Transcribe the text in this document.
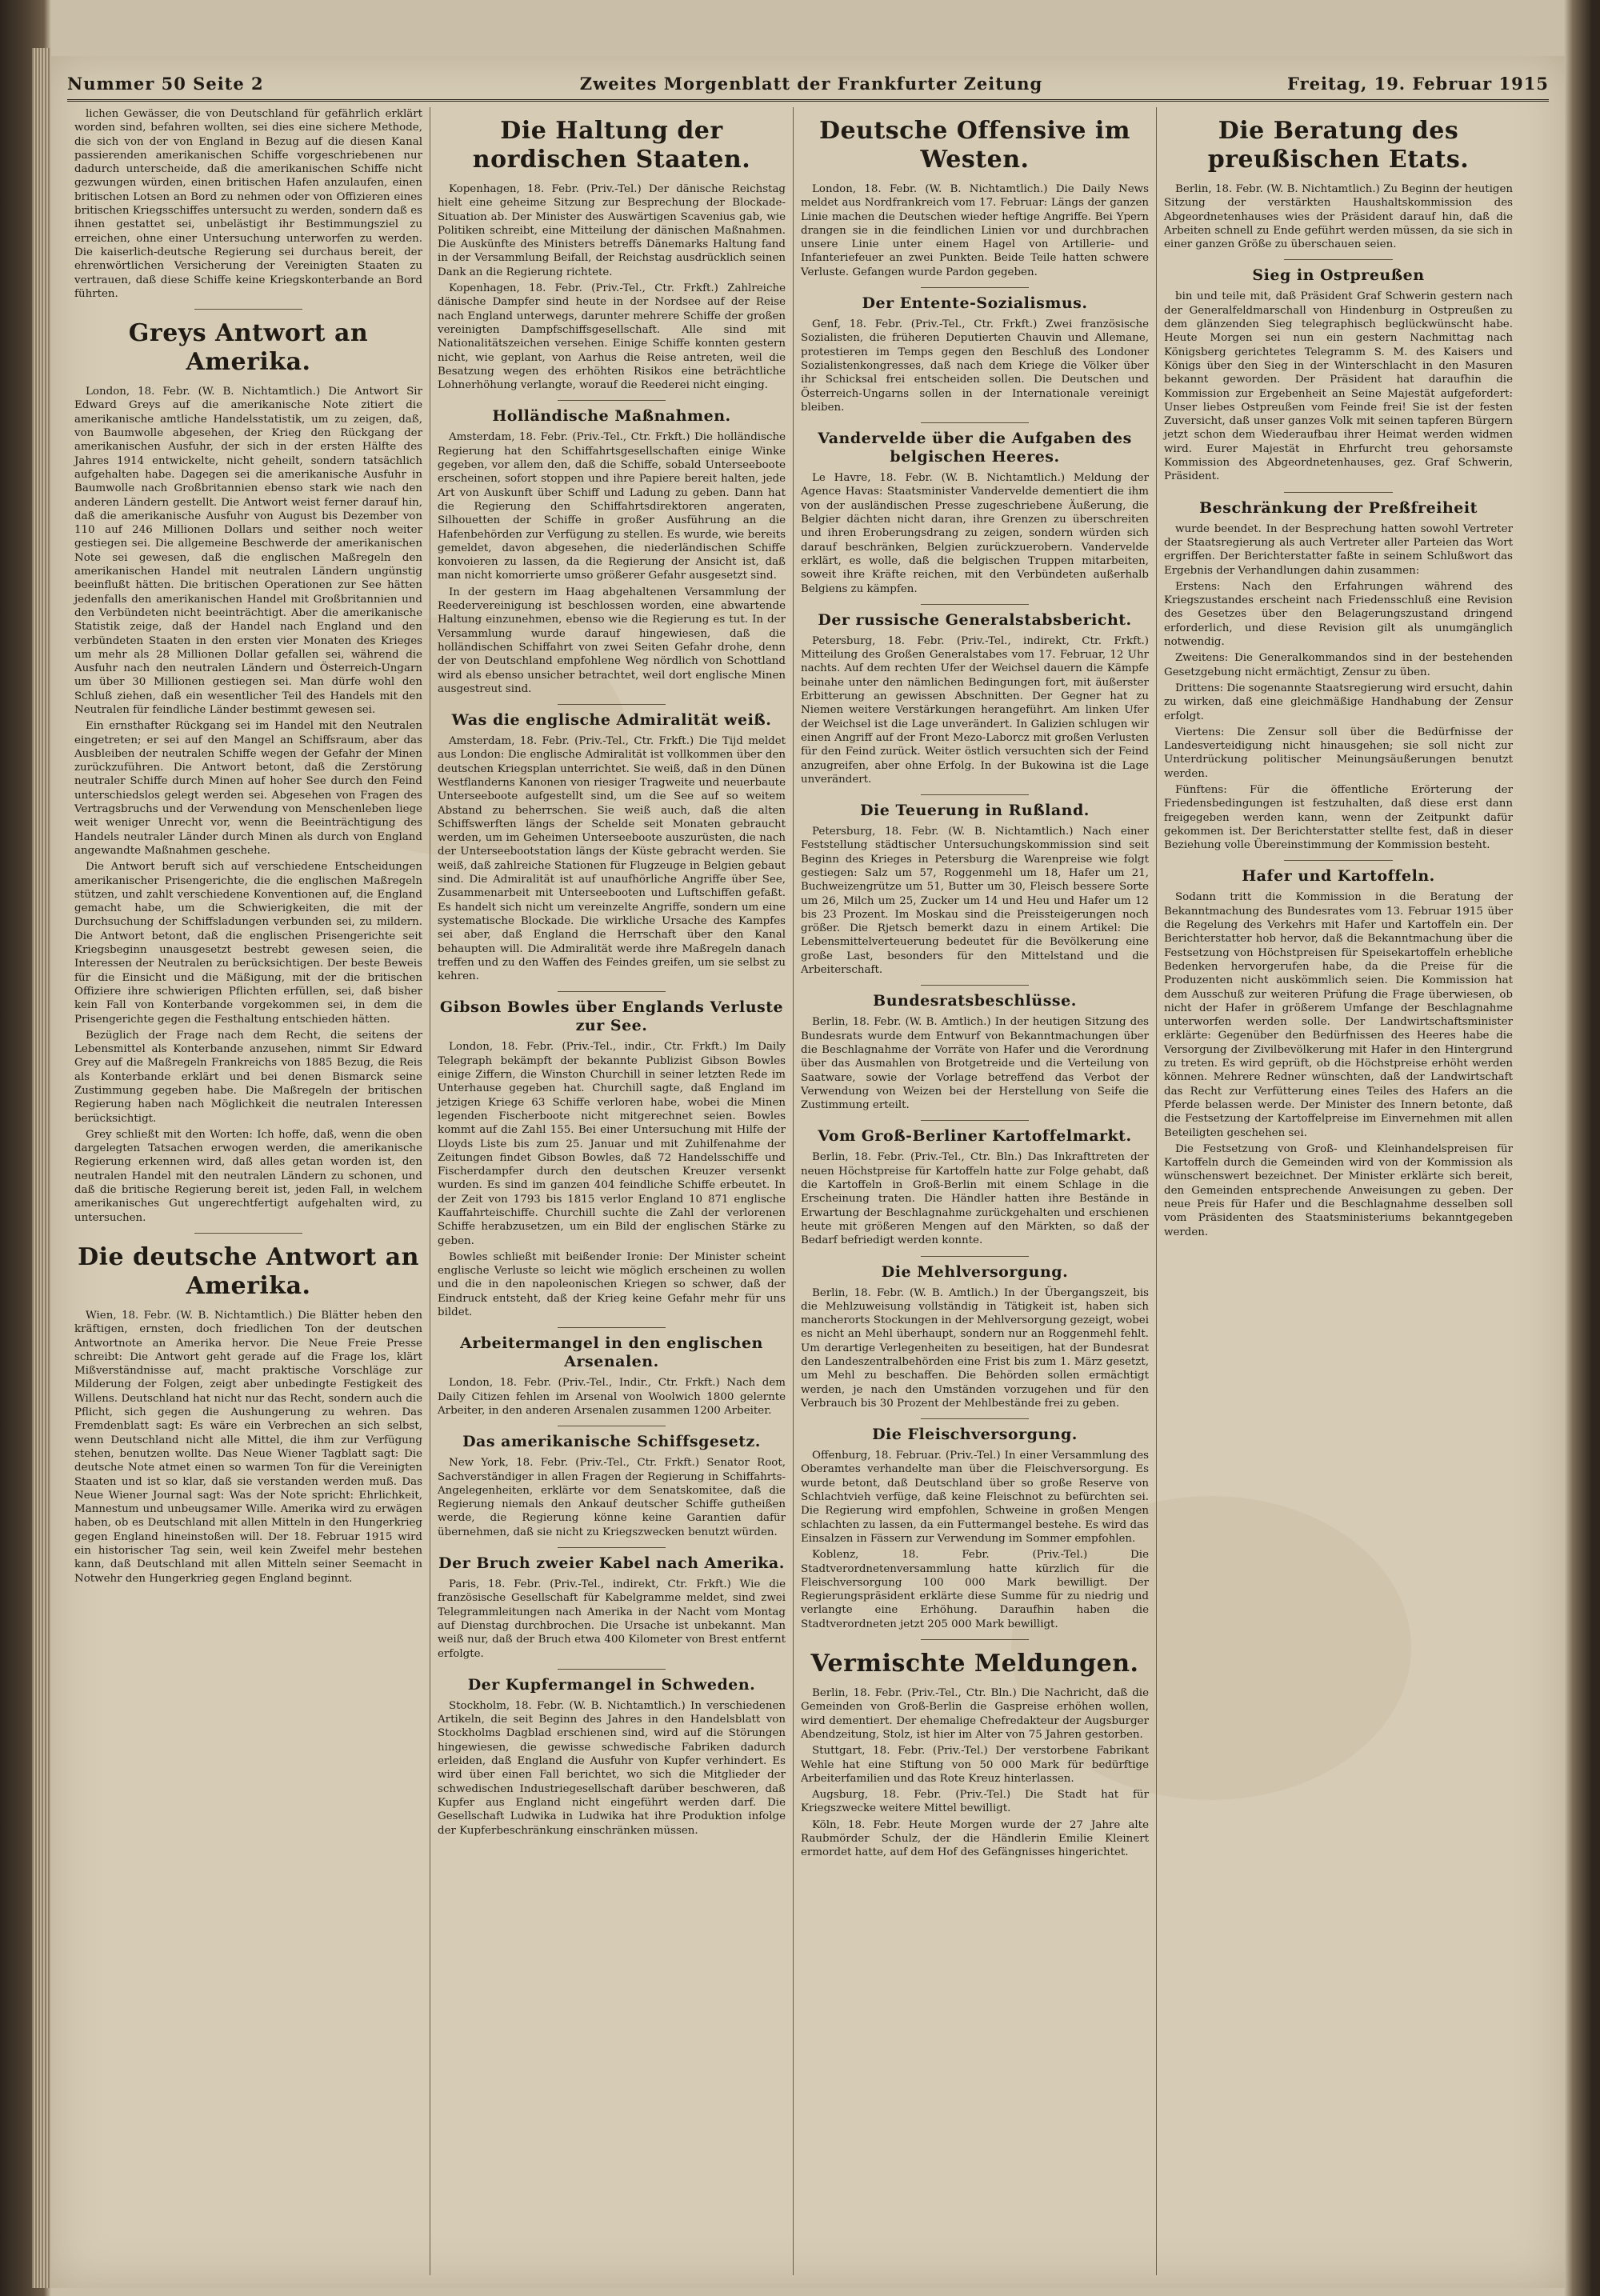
Nummer 50 Seite 2	Zweites Morgenblatt der Frankfurter Zeitung	Freitag, 19. Februar 1915

lichen Gewässer, die von Deutschland für gefährlich erklärt worden sind, befahren wollten, sei dies eine sichere Methode, die sich von der von England in Bezug auf die diesen Kanal passierenden amerikanischen Schiffe vorgeschriebenen nur dadurch unterscheide, daß die amerikanischen Schiffe nicht gezwungen würden, einen britischen Hafen anzulaufen, einen britischen Lotsen an Bord zu nehmen oder von Offizieren eines britischen Kriegsschiffes untersucht zu werden, sondern daß es ihnen gestattet sei, unbelästigt ihr Bestimmungsziel zu erreichen, ohne einer Untersuchung unterworfen zu werden. Die kaiserlich-deutsche Regierung sei durchaus bereit, der ehrenwörtlichen Versicherung der Vereinigten Staaten zu vertrauen, daß diese Schiffe keine Kriegskonterbande an Bord führten.

Greys Antwort an Amerika.

London, 18. Febr. (W. B. Nichtamtlich.) Die Antwort Sir Edward Greys auf die amerikanische Note zitiert die amerikanische amtliche Handelsstatistik, um zu zeigen, daß, von Baumwolle abgesehen, der Krieg den Rückgang der amerikanischen Ausfuhr, der sich in der ersten Hälfte des Jahres 1914 entwickelte, nicht geheilt, sondern tatsächlich aufgehalten habe. Dagegen sei die amerikanische Ausfuhr in Baumwolle nach Großbritannien ebenso stark wie nach den anderen Ländern gestellt. Die Antwort weist ferner darauf hin, daß die amerikanische Ausfuhr von August bis Dezember von 110 auf 246 Millionen Dollars und seither noch weiter gestiegen sei. Die allgemeine Beschwerde der amerikanischen Note sei gewesen, daß die englischen Maßregeln den amerikanischen Handel mit neutralen Ländern ungünstig beeinflußt hätten. Die britischen Operationen zur See hätten jedenfalls den amerikanischen Handel mit Großbritannien und den Verbündeten nicht beeinträchtigt. Aber die amerikanische Statistik zeige, daß der Handel nach England und den verbündeten Staaten in den ersten vier Monaten des Krieges um mehr als 28 Millionen Dollar gefallen sei, während die Ausfuhr nach den neutralen Ländern und Österreich-Ungarn um über 30 Millionen gestiegen sei. Man dürfe wohl den Schluß ziehen, daß ein wesentlicher Teil des Handels mit den Neutralen für feindliche Länder bestimmt gewesen sei.

Ein ernsthafter Rückgang sei im Handel mit den Neutralen eingetreten; er sei auf den Mangel an Schiffsraum, aber das Ausbleiben der neutralen Schiffe wegen der Gefahr der Minen zurückzuführen. Die Antwort betont, daß die Zerstörung neutraler Schiffe durch Minen auf hoher See durch den Feind unterschiedslos gelegt werden sei. Abgesehen von Fragen des Vertragsbruchs und der Verwendung von Menschenleben liege weit weniger Unrecht vor, wenn die Beeinträchtigung des Handels neutraler Länder durch Minen als durch von England angewandte Maßnahmen geschehe.

Die Antwort beruft sich auf verschiedene Entscheidungen amerikanischer Prisengerichte, die die englischen Maßregeln stützen, und zahlt verschiedene Konventionen auf, die England gemacht habe, um die Schwierigkeiten, die mit der Durchsuchung der Schiffsladungen verbunden sei, zu mildern. Die Antwort betont, daß die englischen Prisengerichte seit Kriegsbeginn unausgesetzt bestrebt gewesen seien, die Interessen der Neutralen zu berücksichtigen. Der beste Beweis für die Einsicht und die Mäßigung, mit der die britischen Offiziere ihre schwierigen Pflichten erfüllen, sei, daß bisher kein Fall von Konterbande vorgekommen sei, in dem die Prisengerichte gegen die Festhaltung entschieden hätten.

Bezüglich der Frage nach dem Recht, die seitens der Lebensmittel als Konterbande anzusehen, nimmt Sir Edward Grey auf die Maßregeln Frankreichs von 1885 Bezug, die Reis als Konterbande erklärt und bei denen Bismarck seine Zustimmung gegeben habe. Die Maßregeln der britischen Regierung haben nach Möglichkeit die neutralen Interessen berücksichtigt.

Grey schließt mit den Worten: Ich hoffe, daß, wenn die oben dargelegten Tatsachen erwogen werden, die amerikanische Regierung erkennen wird, daß alles getan worden ist, den neutralen Handel mit den neutralen Ländern zu schonen, und daß die britische Regierung bereit ist, jeden Fall, in welchem amerikanisches Gut ungerechtfertigt aufgehalten wird, zu untersuchen.

Die deutsche Antwort an Amerika.

Wien, 18. Febr. (W. B. Nichtamtlich.) Die Blätter heben den kräftigen, ernsten, doch friedlichen Ton der deutschen Antwortnote an Amerika hervor. Die Neue Freie Presse schreibt: Die Antwort geht gerade auf die Frage los, klärt Mißverständnisse auf, macht praktische Vorschläge zur Milderung der Folgen, zeigt aber unbedingte Festigkeit des Willens. Deutschland hat nicht nur das Recht, sondern auch die Pflicht, sich gegen die Aushungerung zu wehren. Das Fremdenblatt sagt: Es wäre ein Verbrechen an sich selbst, wenn Deutschland nicht alle Mittel, die ihm zur Verfügung stehen, benutzen wollte. Das Neue Wiener Tagblatt sagt: Die deutsche Note atmet einen so warmen Ton für die Vereinigten Staaten und ist so klar, daß sie verstanden werden muß. Das Neue Wiener Journal sagt: Was der Note spricht: Ehrlichkeit, Mannestum und unbeugsamer Wille. Amerika wird zu erwägen haben, ob es Deutschland mit allen Mitteln in den Hungerkrieg gegen England hineinstoßen will. Der 18. Februar 1915 wird ein historischer Tag sein, weil kein Zweifel mehr bestehen kann, daß Deutschland mit allen Mitteln seiner Seemacht in Notwehr den Hungerkrieg gegen England beginnt.

Die Haltung der nordischen Staaten.

Kopenhagen, 18. Febr. (Priv.-Tel.) Der dänische Reichstag hielt eine geheime Sitzung zur Besprechung der Blockade-Situation ab. Der Minister des Auswärtigen Scavenius gab, wie Politiken schreibt, eine Mitteilung der dänischen Maßnahmen. Die Auskünfte des Ministers betreffs Dänemarks Haltung fand in der Versammlung Beifall, der Reichstag ausdrücklich seinen Dank an die Regierung richtete.

Kopenhagen, 18. Febr. (Priv.-Tel., Ctr. Frkft.) Zahlreiche dänische Dampfer sind heute in der Nordsee auf der Reise nach England unterwegs, darunter mehrere Schiffe der großen vereinigten Dampfschiffsgesellschaft. Alle sind mit Nationalitätszeichen versehen. Einige Schiffe konnten gestern nicht, wie geplant, von Aarhus die Reise antreten, weil die Besatzung wegen des erhöhten Risikos eine beträchtliche Lohnerhöhung verlangte, worauf die Reederei nicht einging.

Holländische Maßnahmen.

Amsterdam, 18. Febr. (Priv.-Tel., Ctr. Frkft.) Die holländische Regierung hat den Schiffahrtsgesellschaften einige Winke gegeben, vor allem den, daß die Schiffe, sobald Unterseeboote erscheinen, sofort stoppen und ihre Papiere bereit halten, jede Art von Auskunft über Schiff und Ladung zu geben. Dann hat die Regierung den Schiffahrtsdirektoren angeraten, Silhouetten der Schiffe in großer Ausführung an die Hafenbehörden zur Verfügung zu stellen. Es wurde, wie bereits gemeldet, davon abgesehen, die niederländischen Schiffe konvoieren zu lassen, da die Regierung der Ansicht ist, daß man nicht komorrierte umso größerer Gefahr ausgesetzt sind.

In der gestern im Haag abgehaltenen Versammlung der Reedervereinigung ist beschlossen worden, eine abwartende Haltung einzunehmen, ebenso wie die Regierung es tut. In der Versammlung wurde darauf hingewiesen, daß die holländischen Schiffahrt von zwei Seiten Gefahr drohe, denn der von Deutschland empfohlene Weg nördlich von Schottland wird als ebenso unsicher betrachtet, weil dort englische Minen ausgestreut sind.

Was die englische Admiralität weiß.

Amsterdam, 18. Febr. (Priv.-Tel., Ctr. Frkft.) Die Tijd meldet aus London: Die englische Admiralität ist vollkommen über den deutschen Kriegsplan unterrichtet. Sie weiß, daß in den Dünen Westflanderns Kanonen von riesiger Tragweite und neuerbaute Unterseeboote aufgestellt sind, um die See auf so weitem Abstand zu beherrschen. Sie weiß auch, daß die alten Schiffswerften längs der Schelde seit Monaten gebraucht werden, um im Geheimen Unterseeboote auszurüsten, die nach der Unterseebootstation längs der Küste gebracht werden. Sie weiß, daß zahlreiche Stationen für Flugzeuge in Belgien gebaut sind. Die Admiralität ist auf unaufhörliche Angriffe über See, Zusammenarbeit mit Unterseebooten und Luftschiffen gefaßt. Es handelt sich nicht um vereinzelte Angriffe, sondern um eine systematische Blockade. Die wirkliche Ursache des Kampfes sei aber, daß England die Herrschaft über den Kanal behaupten will. Die Admiralität werde ihre Maßregeln danach treffen und zu den Waffen des Feindes greifen, um sie selbst zu kehren.

Gibson Bowles über Englands Verluste zur See.

London, 18. Febr. (Priv.-Tel., indir., Ctr. Frkft.) Im Daily Telegraph bekämpft der bekannte Publizist Gibson Bowles einige Ziffern, die Winston Churchill in seiner letzten Rede im Unterhause gegeben hat. Churchill sagte, daß England im jetzigen Kriege 63 Schiffe verloren habe, wobei die Minen legenden Fischerboote nicht mitgerechnet seien. Bowles kommt auf die Zahl 155. Bei einer Untersuchung mit Hilfe der Lloyds Liste bis zum 25. Januar und mit Zuhilfenahme der Zeitungen findet Gibson Bowles, daß 72 Handelsschiffe und Fischerdampfer durch den deutschen Kreuzer versenkt wurden. Es sind im ganzen 404 feindliche Schiffe erbeutet. In der Zeit von 1793 bis 1815 verlor England 10 871 englische Kauffahrteischiffe. Churchill suchte die Zahl der verlorenen Schiffe herabzusetzen, um ein Bild der englischen Stärke zu geben.

Bowles schließt mit beißender Ironie: Der Minister scheint englische Verluste so leicht wie möglich erscheinen zu wollen und die in den napoleonischen Kriegen so schwer, daß der Eindruck entsteht, daß der Krieg keine Gefahr mehr für uns bildet.

Arbeitermangel in den englischen Arsenalen.

London, 18. Febr. (Priv.-Tel., Indir., Ctr. Frkft.) Nach dem Daily Citizen fehlen im Arsenal von Woolwich 1800 gelernte Arbeiter, in den anderen Arsenalen zusammen 1200 Arbeiter.

Das amerikanische Schiffsgesetz.

New York, 18. Febr. (Priv.-Tel., Ctr. Frkft.) Senator Root, Sachverständiger in allen Fragen der Regierung in Schiffahrts-Angelegenheiten, erklärte vor dem Senatskomitee, daß die Regierung niemals den Ankauf deutscher Schiffe gutheißen werde, die Regierung könne keine Garantien dafür übernehmen, daß sie nicht zu Kriegszwecken benutzt würden.

Der Bruch zweier Kabel nach Amerika.

Paris, 18. Febr. (Priv.-Tel., indirekt, Ctr. Frkft.) Wie die französische Gesellschaft für Kabelgramme meldet, sind zwei Telegrammleitungen nach Amerika in der Nacht vom Montag auf Dienstag durchbrochen. Die Ursache ist unbekannt. Man weiß nur, daß der Bruch etwa 400 Kilometer von Brest entfernt erfolgte.

Der Kupfermangel in Schweden.

Stockholm, 18. Febr. (W. B. Nichtamtlich.) In verschiedenen Artikeln, die seit Beginn des Jahres in den Handelsblatt von Stockholms Dagblad erschienen sind, wird auf die Störungen hingewiesen, die gewisse schwedische Fabriken dadurch erleiden, daß England die Ausfuhr von Kupfer verhindert. Es wird über einen Fall berichtet, wo sich die Mitglieder der schwedischen Industriegesellschaft darüber beschweren, daß Kupfer aus England nicht eingeführt werden darf. Die Gesellschaft Ludwika in Ludwika hat ihre Produktion infolge der Kupferbeschränkung einschränken müssen.

Deutsche Offensive im Westen.

London, 18. Febr. (W. B. Nichtamtlich.) Die Daily News meldet aus Nordfrankreich vom 17. Februar: Längs der ganzen Linie machen die Deutschen wieder heftige Angriffe. Bei Ypern drangen sie in die feindlichen Linien vor und durchbrachen unsere Linie unter einem Hagel von Artillerie- und Infanteriefeuer an zwei Punkten. Beide Teile hatten schwere Verluste. Gefangen wurde Pardon gegeben.

Der Entente-Sozialismus.

Genf, 18. Febr. (Priv.-Tel., Ctr. Frkft.) Zwei französische Sozialisten, die früheren Deputierten Chauvin und Allemane, protestieren im Temps gegen den Beschluß des Londoner Sozialistenkongresses, daß nach dem Kriege die Völker über ihr Schicksal frei entscheiden sollen. Die Deutschen und Österreich-Ungarns sollen in der Internationale vereinigt bleiben.

Vandervelde über die Aufgaben des belgischen Heeres.

Le Havre, 18. Febr. (W. B. Nichtamtlich.) Meldung der Agence Havas: Staatsminister Vandervelde dementiert die ihm von der ausländischen Presse zugeschriebene Äußerung, die Belgier dächten nicht daran, ihre Grenzen zu überschreiten und ihren Eroberungsdrang zu zeigen, sondern würden sich darauf beschränken, Belgien zurückzuerobern. Vandervelde erklärt, es wolle, daß die belgischen Truppen mitarbeiten, soweit ihre Kräfte reichen, mit den Verbündeten außerhalb Belgiens zu kämpfen.

Der russische Generalstabsbericht.

Petersburg, 18. Febr. (Priv.-Tel., indirekt, Ctr. Frkft.) Mitteilung des Großen Generalstabes vom 17. Februar, 12 Uhr nachts. Auf dem rechten Ufer der Weichsel dauern die Kämpfe beinahe unter den nämlichen Bedingungen fort, mit äußerster Erbitterung an gewissen Abschnitten. Der Gegner hat zu Niemen weitere Verstärkungen herangeführt. Am linken Ufer der Weichsel ist die Lage unverändert. In Galizien schlugen wir einen Angriff auf der Front Mezo-Laborcz mit großen Verlusten für den Feind zurück. Weiter östlich versuchten sich der Feind anzugreifen, aber ohne Erfolg. In der Bukowina ist die Lage unverändert.

Die Teuerung in Rußland.

Petersburg, 18. Febr. (W. B. Nichtamtlich.) Nach einer Feststellung städtischer Untersuchungskommission sind seit Beginn des Krieges in Petersburg die Warenpreise wie folgt gestiegen: Salz um 57, Roggenmehl um 18, Hafer um 21, Buchweizengrütze um 51, Butter um 30, Fleisch bessere Sorte um 26, Milch um 25, Zucker um 14 und Heu und Hafer um 12 bis 23 Prozent. Im Moskau sind die Preissteigerungen noch größer. Die Rjetsch bemerkt dazu in einem Artikel: Die Lebensmittelverteuerung bedeutet für die Bevölkerung eine große Last, besonders für den Mittelstand und die Arbeiterschaft.

Bundesratsbeschlüsse.

Berlin, 18. Febr. (W. B. Amtlich.) In der heutigen Sitzung des Bundesrats wurde dem Entwurf von Bekanntmachungen über die Beschlagnahme der Vorräte von Hafer und die Verordnung über das Ausmahlen von Brotgetreide und die Verteilung von Saatware, sowie der Vorlage betreffend das Verbot der Verwendung von Weizen bei der Herstellung von Seife die Zustimmung erteilt.

Vom Groß-Berliner Kartoffelmarkt.

Berlin, 18. Febr. (Priv.-Tel., Ctr. Bln.) Das Inkrafttreten der neuen Höchstpreise für Kartoffeln hatte zur Folge gehabt, daß die Kartoffeln in Groß-Berlin mit einem Schlage in die Erscheinung traten. Die Händler hatten ihre Bestände in Erwartung der Beschlagnahme zurückgehalten und erschienen heute mit größeren Mengen auf den Märkten, so daß der Bedarf befriedigt werden konnte.

Die Mehlversorgung.

Berlin, 18. Febr. (W. B. Amtlich.) In der Übergangszeit, bis die Mehlzuweisung vollständig in Tätigkeit ist, haben sich mancherorts Stockungen in der Mehlversorgung gezeigt, wobei es nicht an Mehl überhaupt, sondern nur an Roggenmehl fehlt. Um derartige Verlegenheiten zu beseitigen, hat der Bundesrat den Landeszentralbehörden eine Frist bis zum 1. März gesetzt, um Mehl zu beschaffen. Die Behörden sollen ermächtigt werden, je nach den Umständen vorzugehen und für den Verbrauch bis 30 Prozent der Mehlbestände frei zu geben.

Die Fleischversorgung.

Offenburg, 18. Februar. (Priv.-Tel.) In einer Versammlung des Oberamtes verhandelte man über die Fleischversorgung. Es wurde betont, daß Deutschland über so große Reserve von Schlachtvieh verfüge, daß keine Fleischnot zu befürchten sei. Die Regierung wird empfohlen, Schweine in großen Mengen schlachten zu lassen, da ein Futtermangel bestehe. Es wird das Einsalzen in Fässern zur Verwendung im Sommer empfohlen.

Koblenz, 18. Febr. (Priv.-Tel.) Die Stadtverordnetenversammlung hatte kürzlich für die Fleischversorgung 100 000 Mark bewilligt. Der Regierungspräsident erklärte diese Summe für zu niedrig und verlangte eine Erhöhung. Daraufhin haben die Stadtverordneten jetzt 205 000 Mark bewilligt.

Vermischte Meldungen.

Berlin, 18. Febr. (Priv.-Tel., Ctr. Bln.) Die Nachricht, daß die Gemeinden von Groß-Berlin die Gaspreise erhöhen wollen, wird dementiert. Der ehemalige Chefredakteur der Augsburger Abendzeitung, Stolz, ist hier im Alter von 75 Jahren gestorben.

Stuttgart, 18. Febr. (Priv.-Tel.) Der verstorbene Fabrikant Wehle hat eine Stiftung von 50 000 Mark für bedürftige Arbeiterfamilien und das Rote Kreuz hinterlassen.

Augsburg, 18. Febr. (Priv.-Tel.) Die Stadt hat für Kriegszwecke weitere Mittel bewilligt.

Köln, 18. Febr. Heute Morgen wurde der 27 Jahre alte Raubmörder Schulz, der die Händlerin Emilie Kleinert ermordet hatte, auf dem Hof des Gefängnisses hingerichtet.

Die Beratung des preußischen Etats.

Berlin, 18. Febr. (W. B. Nichtamtlich.) Zu Beginn der heutigen Sitzung der verstärkten Haushaltskommission des Abgeordnetenhauses wies der Präsident darauf hin, daß die Arbeiten schnell zu Ende geführt werden müssen, da sie sich in einer ganzen Größe zu überschauen seien.

Sieg in Ostpreußen

bin und teile mit, daß Präsident Graf Schwerin gestern nach der Generalfeldmarschall von Hindenburg in Ostpreußen zu dem glänzenden Sieg telegraphisch beglückwünscht habe. Heute Morgen sei nun ein gestern Nachmittag nach Königsberg gerichtetes Telegramm S. M. des Kaisers und Königs über den Sieg in der Winterschlacht in den Masuren bekannt geworden. Der Präsident hat daraufhin die Kommission zur Ergebenheit an Seine Majestät aufgefordert: Unser liebes Ostpreußen vom Feinde frei! Sie ist der festen Zuversicht, daß unser ganzes Volk mit seinen tapferen Bürgern jetzt schon dem Wiederaufbau ihrer Heimat werden widmen wird. Eurer Majestät in Ehrfurcht treu gehorsamste Kommission des Abgeordnetenhauses, gez. Graf Schwerin, Präsident.

Beschränkung der Preßfreiheit

wurde beendet. In der Besprechung hatten sowohl Vertreter der Staatsregierung als auch Vertreter aller Parteien das Wort ergriffen. Der Berichterstatter faßte in seinem Schlußwort das Ergebnis der Verhandlungen dahin zusammen:

Erstens: Nach den Erfahrungen während des Kriegszustandes erscheint nach Friedensschluß eine Revision des Gesetzes über den Belagerungszustand dringend erforderlich, und diese Revision gilt als unumgänglich notwendig.

Zweitens: Die Generalkommandos sind in der bestehenden Gesetzgebung nicht ermächtigt, Zensur zu üben.

Drittens: Die sogenannte Staatsregierung wird ersucht, dahin zu wirken, daß eine gleichmäßige Handhabung der Zensur erfolgt.

Viertens: Die Zensur soll über die Bedürfnisse der Landesverteidigung nicht hinausgehen; sie soll nicht zur Unterdrückung politischer Meinungsäußerungen benutzt werden.

Fünftens: Für die öffentliche Erörterung der Friedensbedingungen ist festzuhalten, daß diese erst dann freigegeben werden kann, wenn der Zeitpunkt dafür gekommen ist. Der Berichterstatter stellte fest, daß in dieser Beziehung volle Übereinstimmung der Kommission besteht.

Hafer und Kartoffeln.

Sodann tritt die Kommission in die Beratung der Bekanntmachung des Bundesrates vom 13. Februar 1915 über die Regelung des Verkehrs mit Hafer und Kartoffeln ein. Der Berichterstatter hob hervor, daß die Bekanntmachung über die Festsetzung von Höchstpreisen für Speisekartoffeln erhebliche Bedenken hervorgerufen habe, da die Preise für die Produzenten nicht auskömmlich seien. Die Kommission hat dem Ausschuß zur weiteren Prüfung die Frage überwiesen, ob nicht der Hafer in größerem Umfange der Beschlagnahme unterworfen werden solle. Der Landwirtschaftsminister erklärte: Gegenüber den Bedürfnissen des Heeres habe die Versorgung der Zivilbevölkerung mit Hafer in den Hintergrund zu treten. Es wird geprüft, ob die Höchstpreise erhöht werden können. Mehrere Redner wünschten, daß der Landwirtschaft das Recht zur Verfütterung eines Teiles des Hafers an die Pferde belassen werde. Der Minister des Innern betonte, daß die Festsetzung der Kartoffelpreise im Einvernehmen mit allen Beteiligten geschehen sei.

Die Festsetzung von Groß- und Kleinhandelspreisen für Kartoffeln durch die Gemeinden wird von der Kommission als wünschenswert bezeichnet. Der Minister erklärte sich bereit, den Gemeinden entsprechende Anweisungen zu geben. Der neue Preis für Hafer und die Beschlagnahme desselben soll vom Präsidenten des Staatsministeriums bekanntgegeben werden.
